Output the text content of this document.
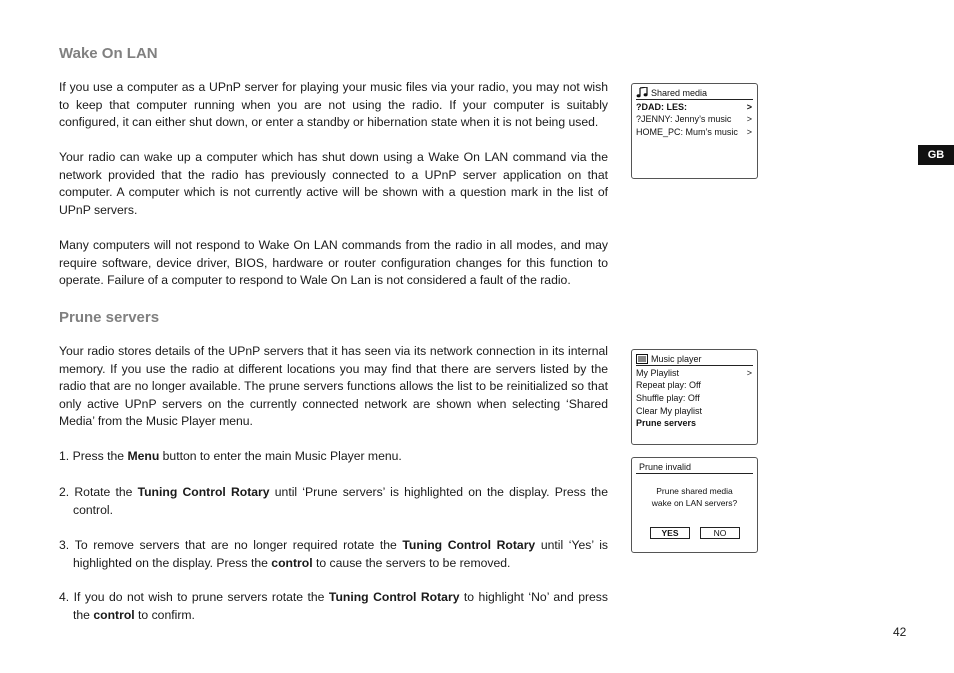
Wake On LAN

If you use a computer as a UPnP server for playing your music files via your radio, you may not wish to keep that computer running when you are not using the radio. If your computer is suitably configured, it can either shut down, or enter a standby or hibernation state when it is not being used.

Your radio can wake up a computer which has shut down using a Wake On LAN command via the network provided that the radio has previously connected to a UPnP server application on that computer. A computer which is not currently active will be shown with a question mark in the list of UPnP servers.

Many computers will not respond to Wake On LAN commands from the radio in all modes, and may require software, device driver, BIOS, hardware or router configuration changes for this function to operate. Failure of a computer to respond to Wale On Lan is not considered a fault of the radio.

Prune servers

Your radio stores details of the UPnP servers that it has seen via its network connection in its internal memory. If you use the radio at different locations you may find that there are servers listed by the radio that are no longer available. The prune servers functions allows the list to be reinitialized so that only active UPnP servers on the currently connected network are shown when selecting ‘Shared Media’ from the Music Player menu.

1. Press the Menu button to enter the main Music Player menu.

2. Rotate the Tuning Control Rotary until ‘Prune servers’ is highlighted on the display. Press the control.

3. To remove servers that are no longer required rotate the Tuning Control Rotary until ‘Yes’ is highlighted on the display. Press the control to cause the servers to be removed.

4. If you do not wish to prune servers rotate the Tuning Control Rotary to highlight ‘No’ and press the control to confirm.

Shared media
?DAD: LES:	>
?JENNY: Jenny’s music >
HOME_PC: Mum’s music >
Music player
My Playlist	>
Repeat play: Off
Shuffle play: Off
Clear My playlist
Prune servers
Prune invalid
Prune shared media
wake on LAN servers?
YES	NO
GB
42
